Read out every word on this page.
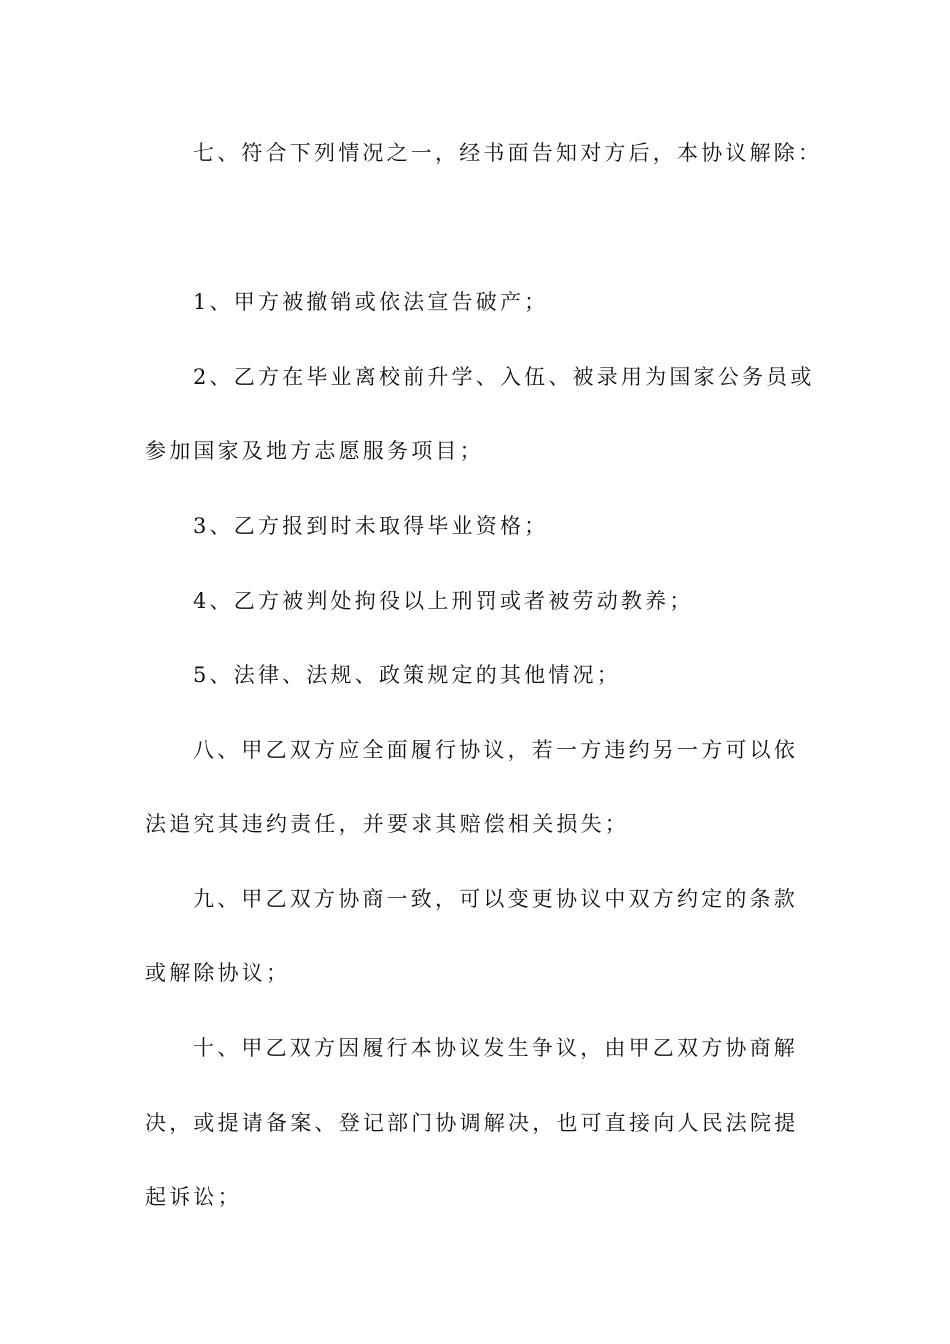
七、符合下列情况之一，经书面告知对方后，本协议解除：
1、甲方被撤销或依法宣告破产；
2、乙方在毕业离校前升学、入伍、被录用为国家公务员或
参加国家及地方志愿服务项目；
3、乙方报到时未取得毕业资格；
4、乙方被判处拘役以上刑罚或者被劳动教养；
5、法律、法规、政策规定的其他情况；
八、甲乙双方应全面履行协议，若一方违约另一方可以依
法追究其违约责任，并要求其赔偿相关损失；
九、甲乙双方协商一致，可以变更协议中双方约定的条款
或解除协议；
十、甲乙双方因履行本协议发生争议，由甲乙双方协商解
决，或提请备案、登记部门协调解决，也可直接向人民法院提
起诉讼；
